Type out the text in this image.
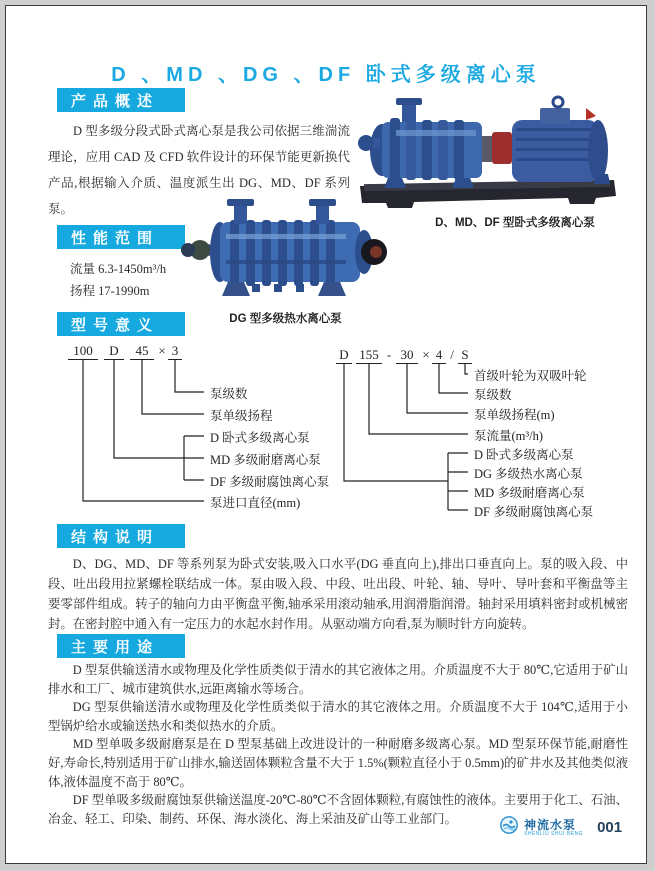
D 、MD 、DG 、DF 卧式多级离心泵
产品概述
D 型多级分段式卧式离心泵是我公司依据三维湍流理论，应用 CAD 及 CFD 软件设计的环保节能更新换代产品,根据输入介质、温度派生出 DG、MD、DF 系列泵。
D、MD、DF 型卧式多级离心泵
性能范围
流量 6.3-1450m³/h
扬程 17-1990m
DG 型多级热水离心泵
型号意义
100	D	45 × 3
泵级数
泵单级扬程
D 卧式多级离心泵
MD 多级耐磨离心泵
DF 多级耐腐蚀离心泵
泵进口直径(mm)
D 155 - 30 × 4 / S
首级叶轮为双吸叶轮
泵级数
泵单级扬程(m)
泵流量(m³/h)
D 卧式多级离心泵
DG 多级热水离心泵
MD 多级耐磨离心泵
DF 多级耐腐蚀离心泵
结构说明
D、DG、MD、DF 等系列泵为卧式安装,吸入口水平(DG 垂直向上),排出口垂直向上。泵的吸入段、中段、吐出段用拉紧螺栓联结成一体。泵由吸入段、中段、吐出段、叶轮、轴、导叶、导叶套和平衡盘等主要零部件组成。转子的轴向力由平衡盘平衡,轴承采用滚动轴承,用润滑脂润滑。轴封采用填料密封或机械密封。在密封腔中通入有一定压力的水起水封作用。从驱动端方向看,泵为顺时针方向旋转。
主要用途

D 型泵供输送清水或物理及化学性质类似于清水的其它液体之用。介质温度不大于 80℃,它适用于矿山排水和工厂、城市建筑供水,远距离输水等场合。

DG 型泵供输送清水或物理及化学性质类似于清水的其它液体之用。介质温度不大于 104℃,适用于小型锅炉给水或输送热水和类似热水的介质。

MD 型单吸多级耐磨泵是在 D 型泵基础上改进设计的一种耐磨多级离心泵。MD 型泵环保节能,耐磨性好,寿命长,特别适用于矿山排水,输送固体颗粒含量不大于 1.5%(颗粒直径小于 0.5mm)的矿井水及其他类似液体,液体温度不高于 80℃。

DF 型单吸多级耐腐蚀泵供输送温度-20℃-80℃不含固体颗粒,有腐蚀性的液体。主要用于化工、石油、冶金、轻工、印染、制药、环保、海水淡化、海上采油及矿山等工业部门。	神流水泵
SHENLIU SHUI BENG 001
